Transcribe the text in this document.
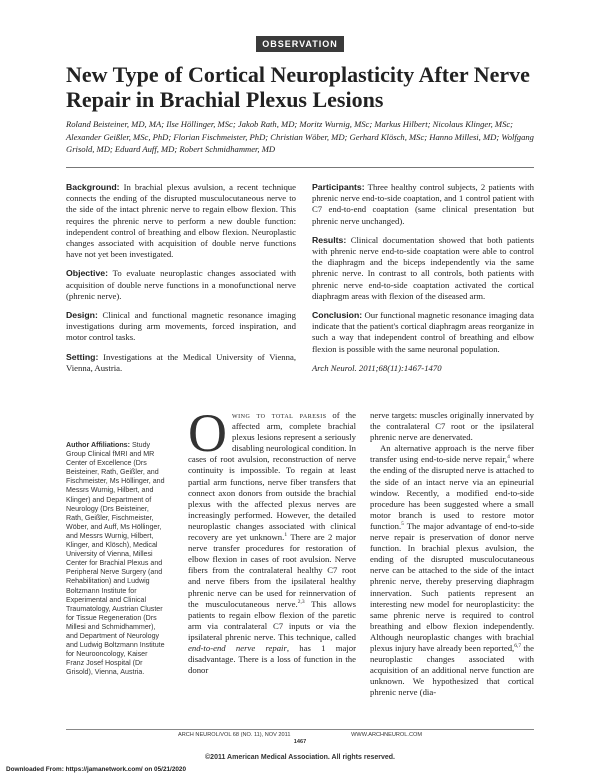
OBSERVATION
New Type of Cortical Neuroplasticity After Nerve Repair in Brachial Plexus Lesions
Roland Beisteiner, MD, MA; Ilse Höllinger, MSc; Jakob Rath, MD; Moritz Wurnig, MSc; Markus Hilbert; Nicolaus Klinger, MSc; Alexander Geißler, MSc, PhD; Florian Fischmeister, PhD; Christian Wöber, MD; Gerhard Klösch, MSc; Hanno Millesi, MD; Wolfgang Grisold, MD; Eduard Auff, MD; Robert Schmidhammer, MD

Background: In brachial plexus avulsion, a recent technique connects the ending of the disrupted musculocutaneous nerve to the side of the intact phrenic nerve to regain elbow flexion. This requires the phrenic nerve to perform a new double function: independent control of breathing and elbow flexion. Neuroplastic changes associated with acquisition of double nerve functions have not yet been investigated.

Objective: To evaluate neuroplastic changes associated with acquisition of double nerve functions in a monofunctional nerve (phrenic nerve).

Design: Clinical and functional magnetic resonance imaging investigations during arm movements, forced inspiration, and motor control tasks.

Setting: Investigations at the Medical University of Vienna, Vienna, Austria.

Participants: Three healthy control subjects, 2 patients with phrenic nerve end-to-side coaptation, and 1 control patient with C7 end-to-end coaptation (same clinical presentation but phrenic nerve unchanged).

Results: Clinical documentation showed that both patients with phrenic nerve end-to-side coaptation were able to control the diaphragm and the biceps independently via the same phrenic nerve. In contrast to all controls, both patients with phrenic nerve end-to-side coaptation activated the cortical diaphragm areas with flexion of the diseased arm.

Conclusion: Our functional magnetic resonance imaging data indicate that the patient's cortical diaphragm areas reorganize in such a way that independent control of breathing and elbow flexion is possible with the same neuronal population.

Arch Neurol. 2011;68(11):1467-1470

Author Affiliations: Study Group Clinical fMRI and MR Center of Excellence (Drs Beisteiner, Rath, Geißler, and Fischmeister, Ms Höllinger, and Messrs Wurnig, Hilbert, and Klinger) and Department of Neurology (Drs Beisteiner, Rath, Geißler, Fischmeister, Wöber, and Auff, Ms Höllinger, and Messrs Wurnig, Hilbert, Klinger, and Klösch), Medical University of Vienna, Millesi Center for Brachial Plexus and Peripheral Nerve Surgery (and Rehabilitation) and Ludwig Boltzmann Institute for Experimental and Clinical Traumatology, Austrian Cluster for Tissue Regeneration (Drs Millesi and Schmidhammer), and Department of Neurology and Ludwig Boltzmann Institute for Neurooncology, Kaiser Franz Josef Hospital (Dr Grisold), Vienna, Austria.
Owing to total paresis of the affected arm, complete brachial plexus lesions represent a seriously disabling neurological condition. In cases of root avulsion, reconstruction of nerve continuity is impossible. To regain at least partial arm functions, nerve fiber transfers that connect axon donors from outside the brachial plexus with the affected plexus nerves are increasingly performed. However, the detailed neuroplastic changes associated with clinical recovery are yet unknown.$^1$ There are 2 major nerve transfer procedures for restoration of elbow flexion in cases of root avulsion. Nerve fibers from the contralateral healthy C7 root and nerve fibers from the ipsilateral healthy phrenic nerve can be used for reinnervation of the musculocutaneous nerve.$^{2,3}$ This allows patients to regain elbow flexion of the paretic arm via contralateral C7 inputs or via the ipsilateral phrenic nerve. This technique, called end-to-end nerve repair, has 1 major disadvantage. There is a loss of function in the donor
nerve targets: muscles originally innervated by the contralateral C7 root or the ipsilateral phrenic nerve are denervated.
An alternative approach is the nerve fiber transfer using end-to-side nerve repair,$^4$ where the ending of the disrupted nerve is attached to the side of an intact nerve via an epineurial window. Recently, a modified end-to-side procedure has been suggested where a small motor branch is used to restore motor function.$^5$ The major advantage of end-to-side nerve repair is preservation of donor nerve function. In brachial plexus avulsion, the ending of the disrupted musculocutaneous nerve can be attached to the side of the intact phrenic nerve, thereby preserving diaphragm innervation. Such patients represent an interesting new model for neuroplasticity: the same phrenic nerve is required to control breathing and elbow flexion independently. Although neuroplastic changes with brachial plexus injury have already been reported,$^{6,7}$ the neuroplastic changes associated with acquisition of an additional nerve function are unknown. We hypothesized that cortical phrenic nerve (dia-
ARCH NEUROL/VOL 68 (NO. 11), NOV 2011
1467
WWW.ARCHNEUROL.COM
©2011 American Medical Association. All rights reserved.
Downloaded From: https://jamanetwork.com/ on 05/21/2020
